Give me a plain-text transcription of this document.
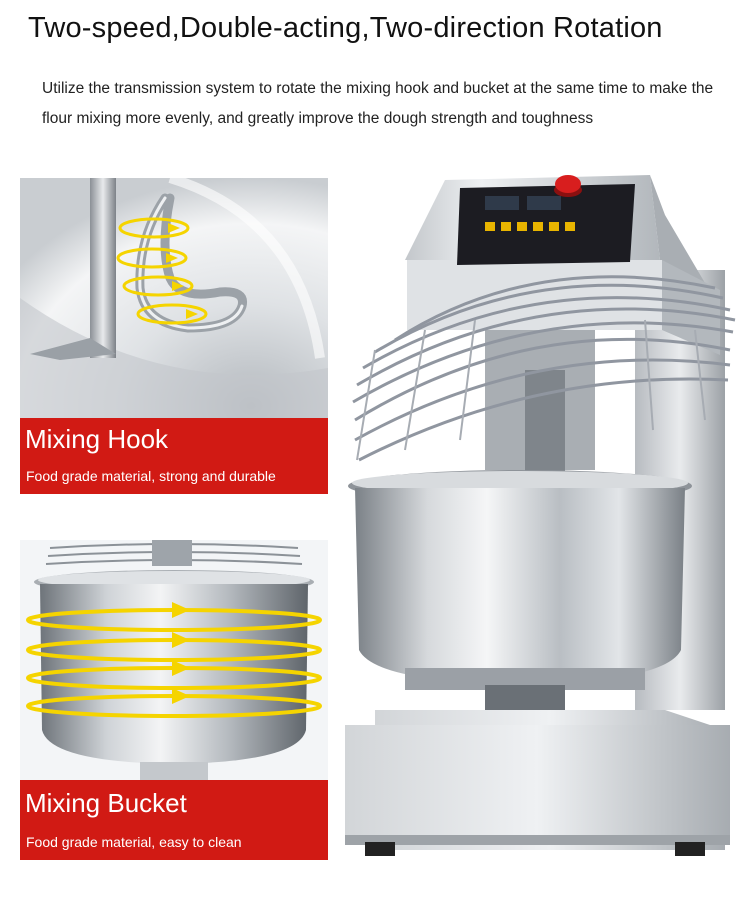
Two-speed,Double-acting,Two-direction Rotation

Utilize the transmission system to rotate the mixing hook and bucket at the same time to make the flour mixing more evenly, and greatly improve the dough strength and toughness

Mixing Hook
Food grade material, strong and durable
Mixing Bucket
Food grade material, easy to clean
